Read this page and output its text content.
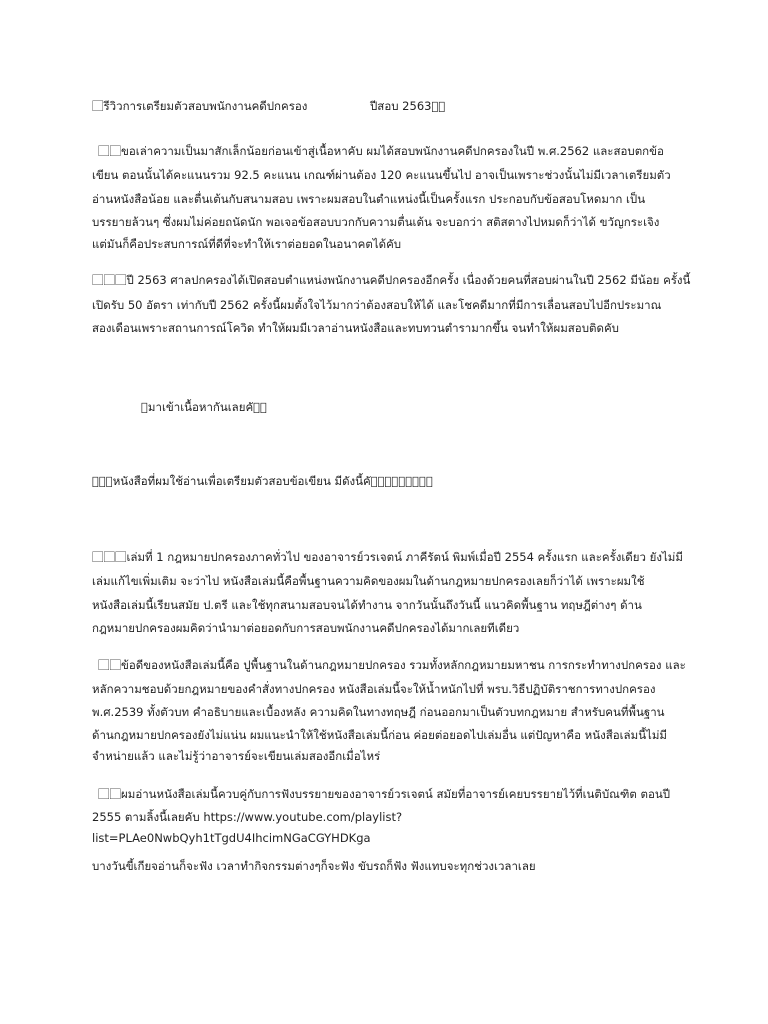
⃞รีวิวการเตรียมตัวสอบพนักงานคดีปกครอง	ปีสอบ 2563⃞⃞
⃞⃞ขอเล่าความเป็นมาสักเล็กน้อยก่อนเข้าสู่เนื้อหาคับ ผมได้สอบพนักงานคดีปกครองในปี พ.ศ.2562 และสอบตกข้อ
เขียน ตอนนั้นได้คะแนนรวม 92.5 คะแนน เกณฑ์ผ่านต้อง 120 คะแนนขึ้นไป อาจเป็นเพราะช่วงนั้นไม่มีเวลาเตรียมตัว
อ่านหนังสือน้อย และตื่นเต้นกับสนามสอบ เพราะผมสอบในตำแหน่งนี้เป็นครั้งแรก ประกอบกับข้อสอบโหดมาก เป็น
บรรยายล้วนๆ ซึ่งผมไม่ค่อยถนัดนัก พอเจอข้อสอบบวกกับความตื่นเต้น จะบอกว่า สติสตางไปหมดก็ว่าได้ ขวัญกระเจิง
แต่มันก็คือประสบการณ์ที่ดีที่จะทำให้เราต่อยอดในอนาคตได้คับ
⃞⃞⃞ปี 2563 ศาลปกครองได้เปิดสอบตำแหน่งพนักงานคดีปกครองอีกครั้ง เนื่องด้วยคนที่สอบผ่านในปี 2562 มีน้อย ครั้งนี้
เปิดรับ 50 อัตรา เท่ากับปี 2562 ครั้งนี้ผมตั้งใจไว้มากว่าต้องสอบให้ได้ และโชคดีมากที่มีการเลื่อนสอบไปอีกประมาณ
สองเดือนเพราะสถานการณ์โควิด ทำให้ผมมีเวลาอ่านหนังสือและทบทวนตำรามากขึ้น จนทำให้ผมสอบติดคับ
⃞มาเข้าเนื้อหากันเลยคับ⃞
⃞⃞⃞หนังสือที่ผมใช้อ่านเพื่อเตรียมตัวสอบข้อเขียน มีดังนี้คับ⃞⃞⃞⃞⃞⃞⃞⃞
⃞⃞⃞เล่มที่ 1 กฎหมายปกครองภาคทั่วไป ของอาจารย์วรเจตน์ ภาคีรัตน์ พิมพ์เมื่อปี 2554 ครั้งแรก และครั้งเดียว ยังไม่มี
เล่มแก้ไขเพิ่มเติม จะว่าไป หนังสือเล่มนี้คือพื้นฐานความคิดของผมในด้านกฎหมายปกครองเลยก็ว่าได้ เพราะผมใช้
หนังสือเล่มนี้เรียนสมัย ป.ตรี และใช้ทุกสนามสอบจนได้ทำงาน จากวันนั้นถึงวันนี้ แนวคิดพื้นฐาน ทฤษฎีต่างๆ ด้าน
กฎหมายปกครองผมคิดว่านำมาต่อยอดกับการสอบพนักงานคดีปกครองได้มากเลยทีเดียว
⃞⃞ข้อดีของหนังสือเล่มนี้คือ ปูพื้นฐานในด้านกฎหมายปกครอง รวมทั้งหลักกฎหมายมหาชน การกระทำทางปกครอง และ
หลักความชอบด้วยกฎหมายของคำสั่งทางปกครอง หนังสือเล่มนี้จะให้น้ำหนักไปที่ พรบ.วิธีปฏิบัติราชการทางปกครอง
พ.ศ.2539 ทั้งตัวบท คำอธิบายและเบื้องหลัง ความคิดในทางทฤษฎี ก่อนออกมาเป็นตัวบทกฎหมาย สำหรับคนที่พื้นฐาน
ด้านกฎหมายปกครองยังไม่แน่น ผมแนะนำให้ใช้หนังสือเล่มนี้ก่อน ค่อยต่อยอดไปเล่มอื่น แต่ปัญหาคือ หนังสือเล่มนี้ไม่มี
จำหน่ายแล้ว และไม่รู้ว่าอาจารย์จะเขียนเล่มสองอีกเมื่อไหร่
⃞⃞ผมอ่านหนังสือเล่มนี้ควบคู่กับการฟังบรรยายของอาจารย์วรเจตน์ สมัยที่อาจารย์เคยบรรยายไว้ที่เนติบัณฑิต ตอนปี
2555 ตามลิ้งนี้เลยคับ https://www.youtube.com/playlist?
list=PLAe0NwbQyh1tTgdU4IhcimNGaCGYHDKga
บางวันขี้เกียจอ่านก็จะฟัง เวลาทำกิจกรรมต่างๆก็จะฟัง ขับรถก็ฟัง ฟังแทบจะทุกช่วงเวลาเลย
